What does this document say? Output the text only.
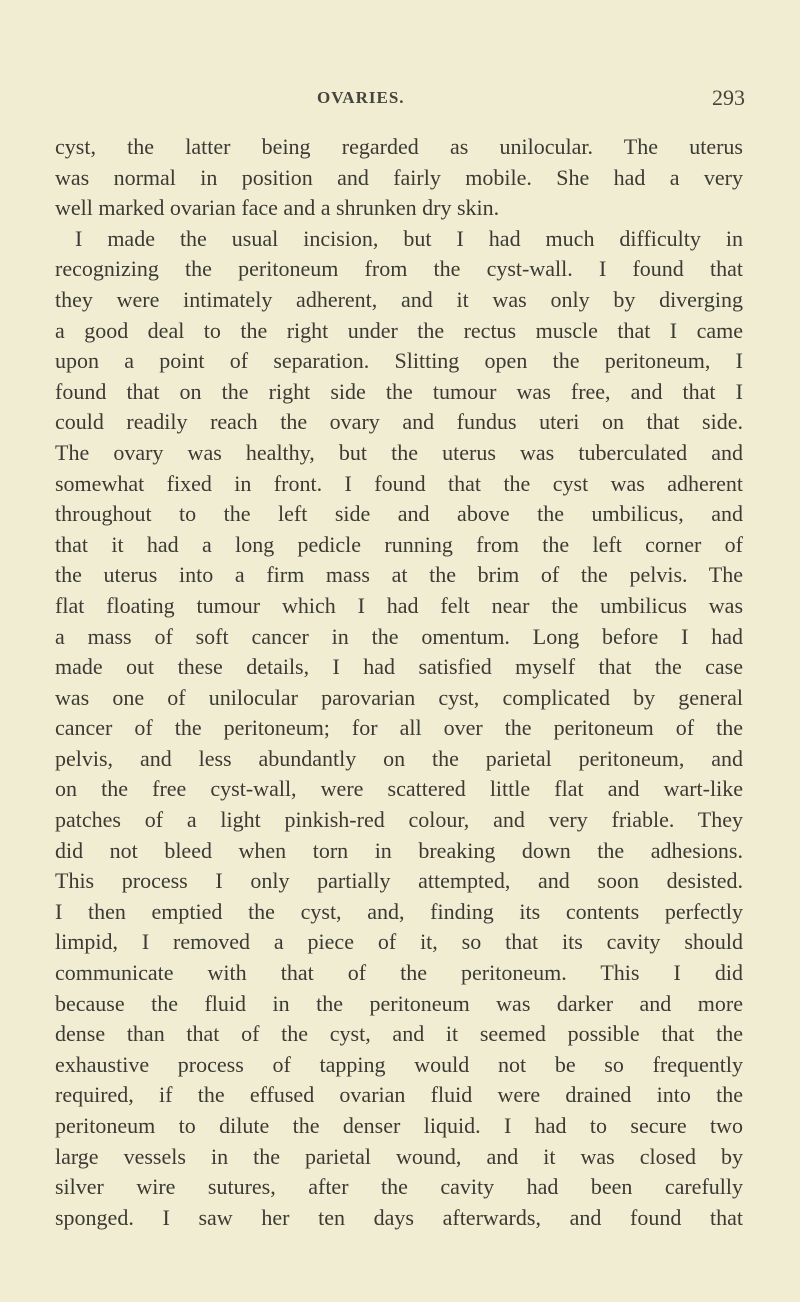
OVARIES.	293
cyst, the latter being regarded as unilocular. The uterus
was normal in position and fairly mobile. She had a very
well marked ovarian face and a shrunken dry skin.
I made the usual incision, but I had much difficulty in
recognizing the peritoneum from the cyst-wall. I found that
they were intimately adherent, and it was only by diverging
a good deal to the right under the rectus muscle that I came
upon a point of separation. Slitting open the peritoneum, I
found that on the right side the tumour was free, and that I
could readily reach the ovary and fundus uteri on that side.
The ovary was healthy, but the uterus was tuberculated and
somewhat fixed in front. I found that the cyst was adherent
throughout to the left side and above the umbilicus, and
that it had a long pedicle running from the left corner of
the uterus into a firm mass at the brim of the pelvis. The
flat floating tumour which I had felt near the umbilicus was
a mass of soft cancer in the omentum. Long before I had
made out these details, I had satisfied myself that the case
was one of unilocular parovarian cyst, complicated by general
cancer of the peritoneum; for all over the peritoneum of the
pelvis, and less abundantly on the parietal peritoneum, and
on the free cyst-wall, were scattered little flat and wart-like
patches of a light pinkish-red colour, and very friable. They
did not bleed when torn in breaking down the adhesions.
This process I only partially attempted, and soon desisted.
I then emptied the cyst, and, finding its contents perfectly
limpid, I removed a piece of it, so that its cavity should
communicate with that of the peritoneum. This I did
because the fluid in the peritoneum was darker and more
dense than that of the cyst, and it seemed possible that the
exhaustive process of tapping would not be so frequently
required, if the effused ovarian fluid were drained into the
peritoneum to dilute the denser liquid. I had to secure two
large vessels in the parietal wound, and it was closed by
silver wire sutures, after the cavity had been carefully
sponged. I saw her ten days afterwards, and found that
